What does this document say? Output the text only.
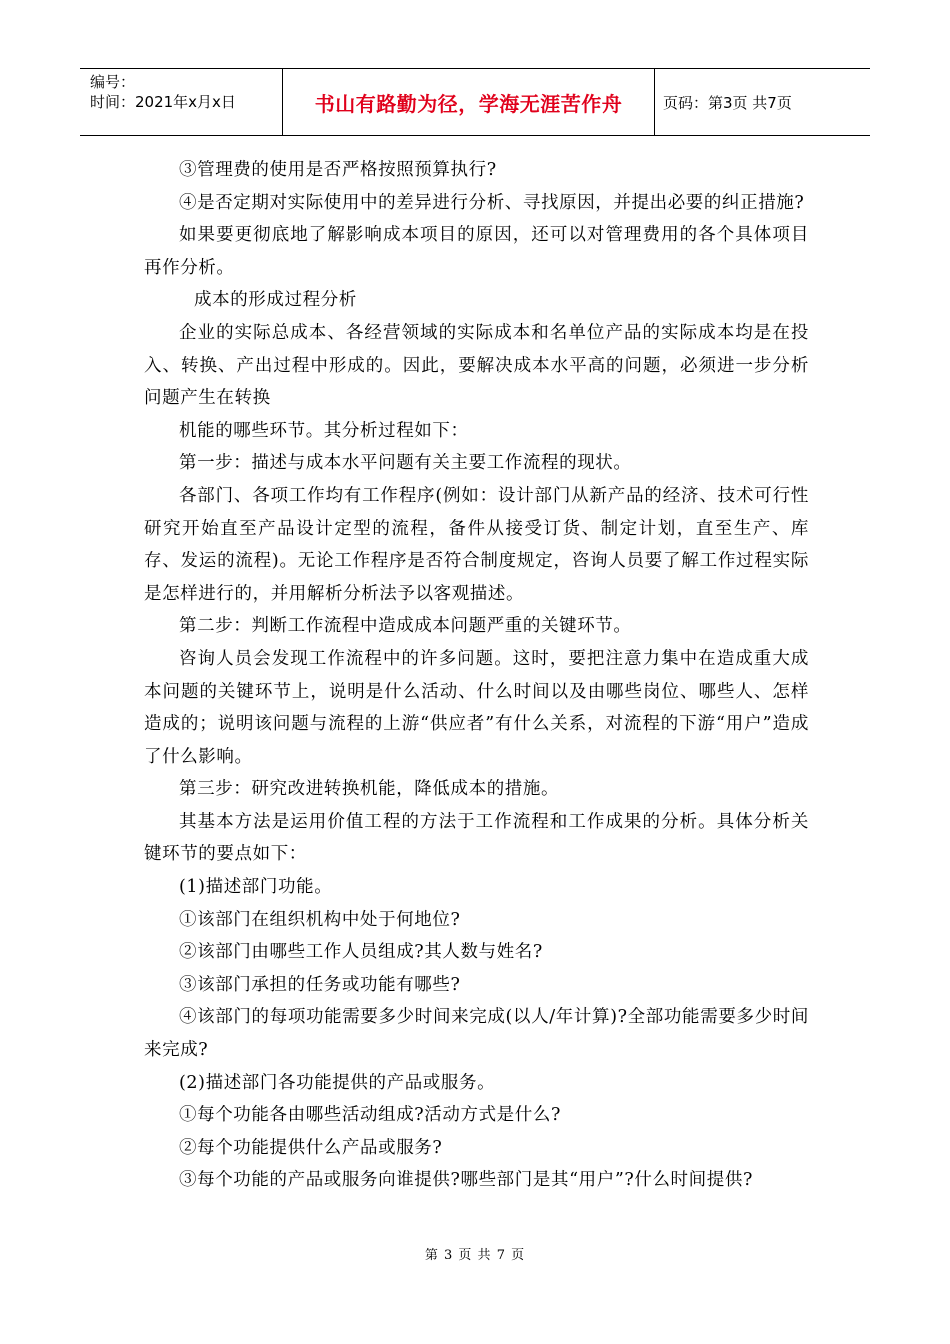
编号：
时间：2021年x月x日	书山有路勤为径，学海无涯苦作舟	页码：第3页 共7页

③管理费的使用是否严格按照预算执行?

④是否定期对实际使用中的差异进行分析、寻找原因，并提出必要的纠正措施?

如果要更彻底地了解影响成本项目的原因，还可以对管理费用的各个具体项目再作分析。

成本的形成过程分析

企业的实际总成本、各经营领域的实际成本和名单位产品的实际成本均是在投入、转换、产出过程中形成的。因此，要解决成本水平高的问题，必须进一步分析问题产生在转换

机能的哪些环节。其分析过程如下：

第一步：描述与成本水平问题有关主要工作流程的现状。

各部门、各项工作均有工作程序(例如：设计部门从新产品的经济、技术可行性研究开始直至产品设计定型的流程，备件从接受订货、制定计划，直至生产、库存、发运的流程)。无论工作程序是否符合制度规定，咨询人员要了解工作过程实际是怎样进行的，并用解析分析法予以客观描述。

第二步：判断工作流程中造成成本问题严重的关键环节。

咨询人员会发现工作流程中的许多问题。这时，要把注意力集中在造成重大成本问题的关键环节上，说明是什么活动、什么时间以及由哪些岗位、哪些人、怎样造成的；说明该问题与流程的上游“供应者”有什么关系，对流程的下游“用户”造成了什么影响。

第三步：研究改进转换机能，降低成本的措施。

其基本方法是运用价值工程的方法于工作流程和工作成果的分析。具体分析关键环节的要点如下：

(1)描述部门功能。

①该部门在组织机构中处于何地位?

②该部门由哪些工作人员组成?其人数与姓名?

③该部门承担的任务或功能有哪些?

④该部门的每项功能需要多少时间来完成(以人/年计算)?全部功能需要多少时间来完成?

(2)描述部门各功能提供的产品或服务。

①每个功能各由哪些活动组成?活动方式是什么?

②每个功能提供什么产品或服务?

③每个功能的产品或服务向谁提供?哪些部门是其“用户”?什么时间提供?

第 3 页 共 7 页
